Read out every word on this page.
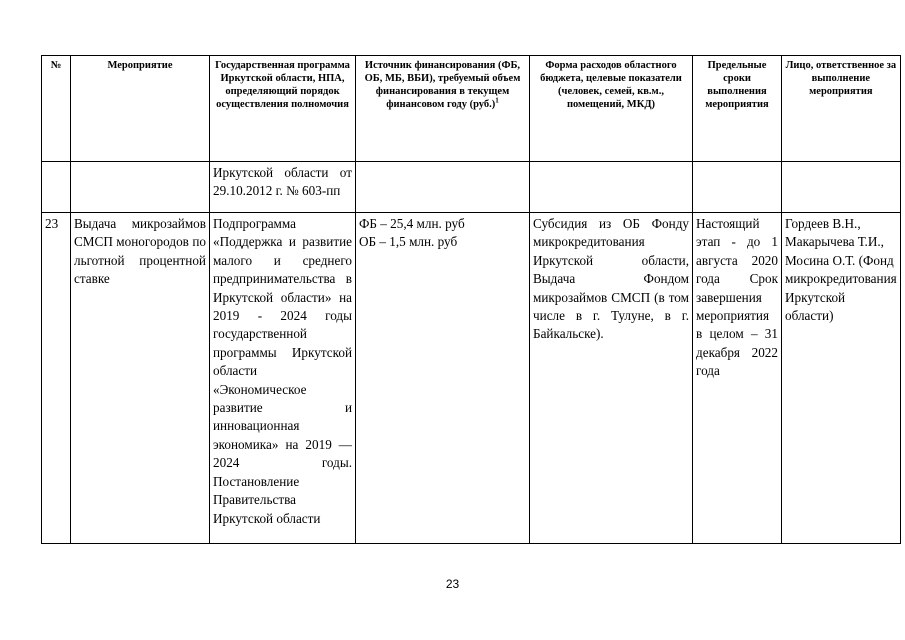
№	Мероприятие	Государственная программа Иркутской области, НПА, определяющий порядок осуществления полномочия	Источник финансирования (ФБ, ОБ, МБ, ВБИ), требуемый объем финансирования в текущем финансовом году $(руб.)^1$	Форма расходов областного бюджета, целевые показатели (человек, семей, кв.м., помещений, МКД)	Предельные сроки выполнения мероприятия	Лицо, ответственное за выполнение мероприятия
		Иркутской области от 29.10.2012 г. № 603-пп				
23	Выдача микрозаймов СМСП моногородов по льготной процентной ставке	Подпрограмма «Поддержка и развитие малого и среднего предпринимательства в Иркутской области» на 2019 - 2024 годы государственной программы Иркутской области «Экономическое развитие и инновационная экономика» на 2019 — 2024 годы. Постановление Правительства Иркутской области	ФБ – 25,4 млн. руб
ОБ – 1,5 млн. руб	Субсидия из ОБ Фонду микрокредитования Иркутской области, Выдача Фондом микрозаймов СМСП (в том числе в г. Тулуне, в г. Байкальске).	Настоящий этап - до 1 августа 2020 года Срок завершения мероприятия в целом – 31 декабря 2022 года	Гордеев В.Н., Макарычева Т.И., Мосина О.Т. (Фонд микрокредитования Иркутской области)
23
